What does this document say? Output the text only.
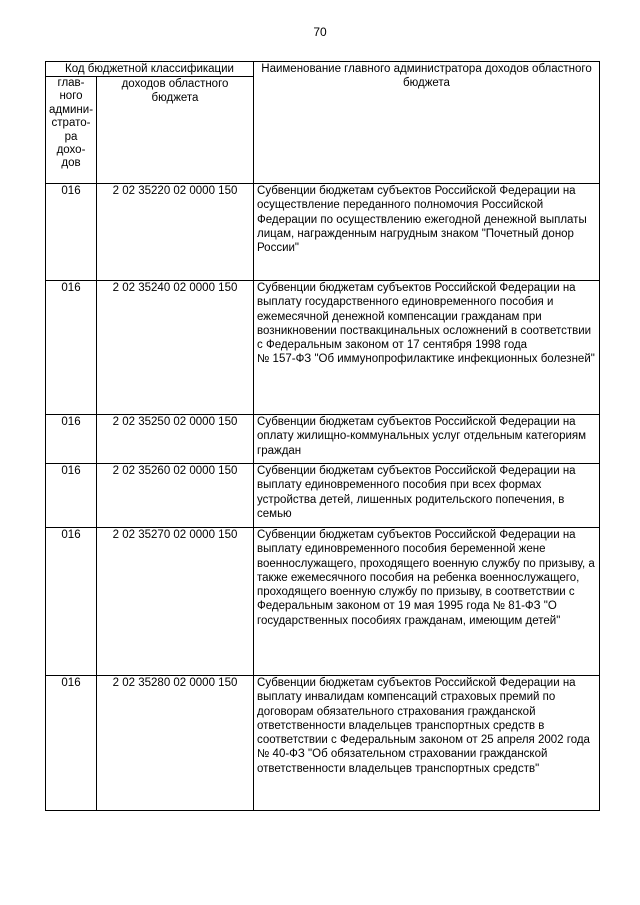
70
Код бюджетной классификации		Наименование главного администратора доходов областного бюджета
глав-ного админи-страто-ра дохо-дов	доходов областного бюджета	
016	2 02 35220 02 0000 150	Субвенции бюджетам субъектов Российской Федерации на осуществление переданного полномочия Российской Федерации по осуществлению ежегодной денежной выплаты лицам, награжденным нагрудным знаком "Почетный донор России"
016	2 02 35240 02 0000 150	Субвенции бюджетам субъектов Российской Федерации на выплату государственного единовременного пособия и ежемесячной денежной компенсации гражданам при возникновении поствакцинальных осложнений в соответствии с Федеральным законом от 17 сентября 1998 года
№ 157-ФЗ "Об иммунопрофилактике инфекционных болезней"
016	2 02 35250 02 0000 150	Субвенции бюджетам субъектов Российской Федерации на оплату жилищно-коммунальных услуг отдельным категориям граждан
016	2 02 35260 02 0000 150	Субвенции бюджетам субъектов Российской Федерации на выплату единовременного пособия при всех формах устройства детей, лишенных родительского попечения, в семью
016	2 02 35270 02 0000 150	Субвенции бюджетам субъектов Российской Федерации на выплату единовременного пособия беременной жене военнослужащего, проходящего военную службу по призыву, а также ежемесячного пособия на ребенка военнослужащего, проходящего военную службу по призыву, в соответствии с Федеральным законом от 19 мая 1995 года № 81-ФЗ "О государственных пособиях гражданам, имеющим детей"
016	2 02 35280 02 0000 150	Субвенции бюджетам субъектов Российской Федерации на выплату инвалидам компенсаций страховых премий по договорам обязательного страхования гражданской ответственности владельцев транспортных средств в соответствии с Федеральным законом от 25 апреля 2002 года
№ 40-ФЗ "Об обязательном страховании гражданской ответственности владельцев транспортных средств"
